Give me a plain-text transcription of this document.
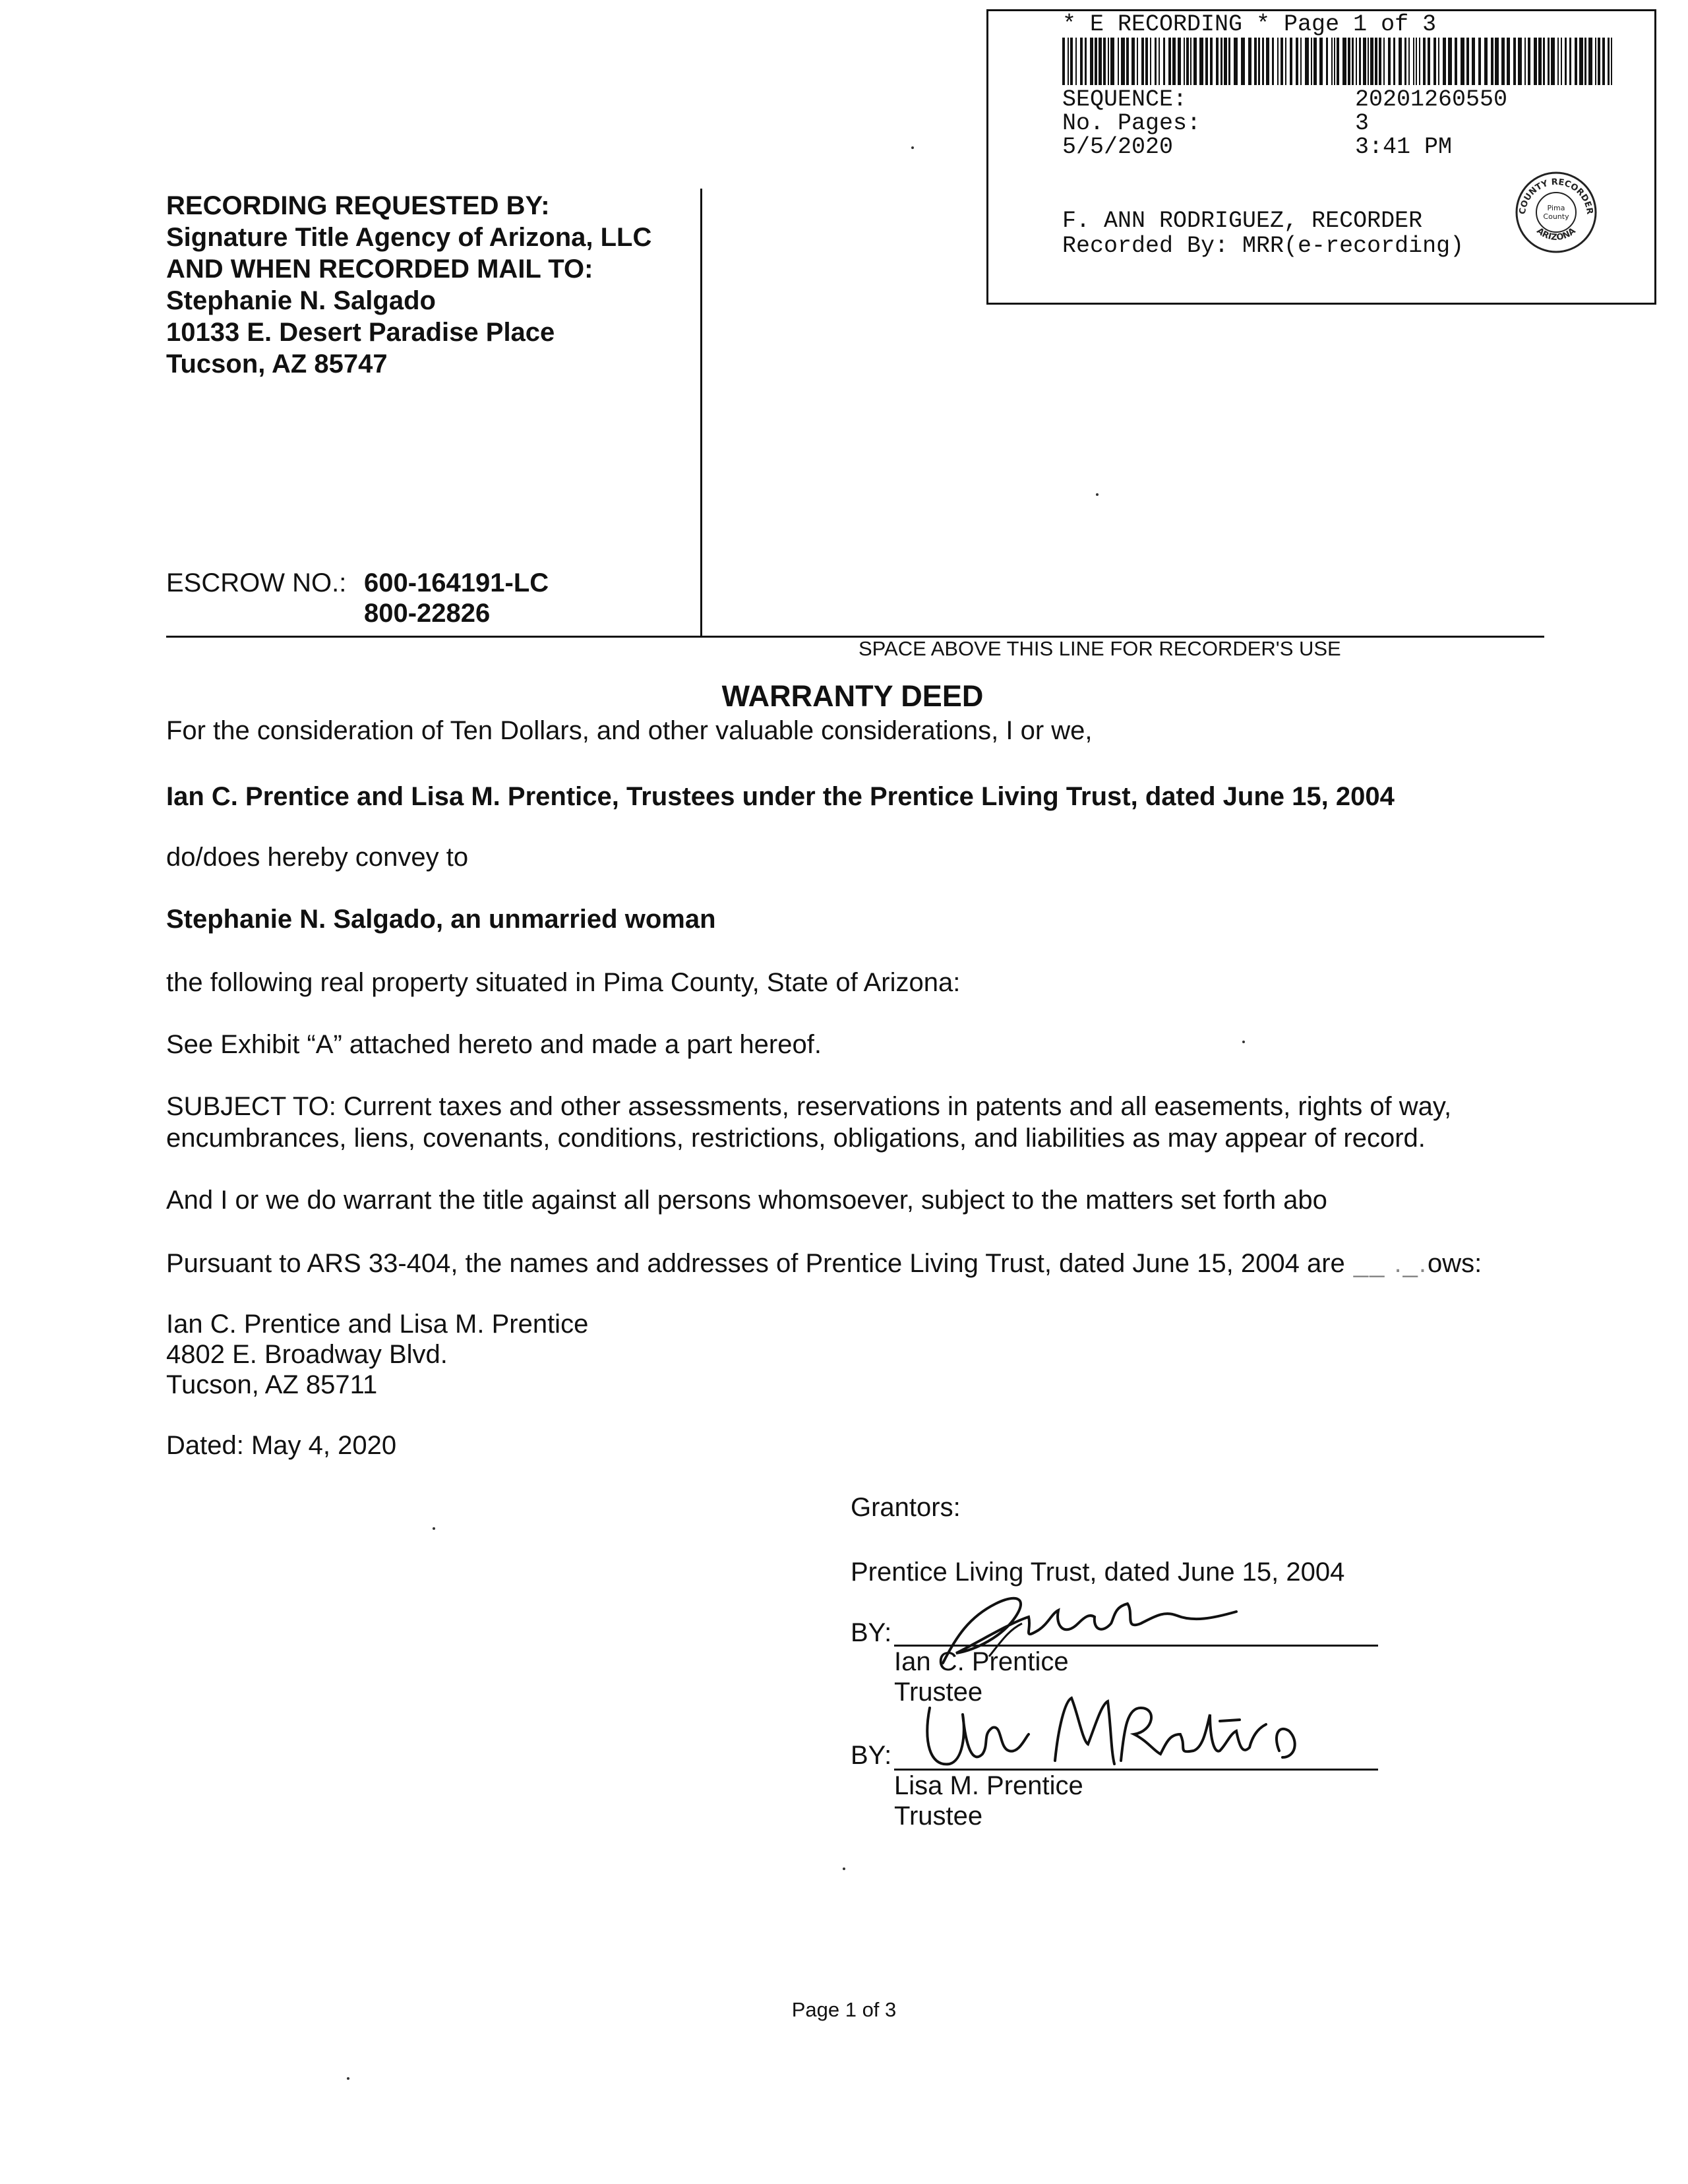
* E RECORDING * Page 1 of 3
SEQUENCE:	20201260550
No. Pages:	3
5/5/2020	3:41 PM
F. ANN RODRIGUEZ, RECORDER
Recorded By: MRR(e-recording)
COUNTY RECORDER
Pima
County
ARIZONA
RECORDING REQUESTED BY:
Signature Title Agency of Arizona, LLC
AND WHEN RECORDED MAIL TO:
Stephanie N. Salgado
10133 E. Desert Paradise Place
Tucson, AZ 85747
ESCROW NO.: 600-164191-LC
800-22826
SPACE ABOVE THIS LINE FOR RECORDER'S USE
WARRANTY DEED
For the consideration of Ten Dollars, and other valuable considerations, I or we,
Ian C. Prentice and Lisa M. Prentice, Trustees under the Prentice Living Trust, dated June 15, 2004
do/does hereby convey to
Stephanie N. Salgado, an unmarried woman
the following real property situated in Pima County, State of Arizona:
See Exhibit “A” attached hereto and made a part hereof.
SUBJECT TO: Current taxes and other assessments, reservations in patents and all easements, rights of way,
encumbrances, liens, covenants, conditions, restrictions, obligations, and liabilities as may appear of record.
And I or we do warrant the title against all persons whomsoever, subject to the matters set forth abo
Pursuant to ARS 33-404, the names and addresses of Prentice Living Trust, dated June 15, 2004 are __ ._.ows:
Ian C. Prentice and Lisa M. Prentice
4802 E. Broadway Blvd.
Tucson, AZ 85711
Dated: May 4, 2020
Grantors:
Prentice Living Trust, dated June 15, 2004
BY:
Ian C. Prentice
Trustee
BY:
Lisa M. Prentice
Trustee
Page 1 of 3
